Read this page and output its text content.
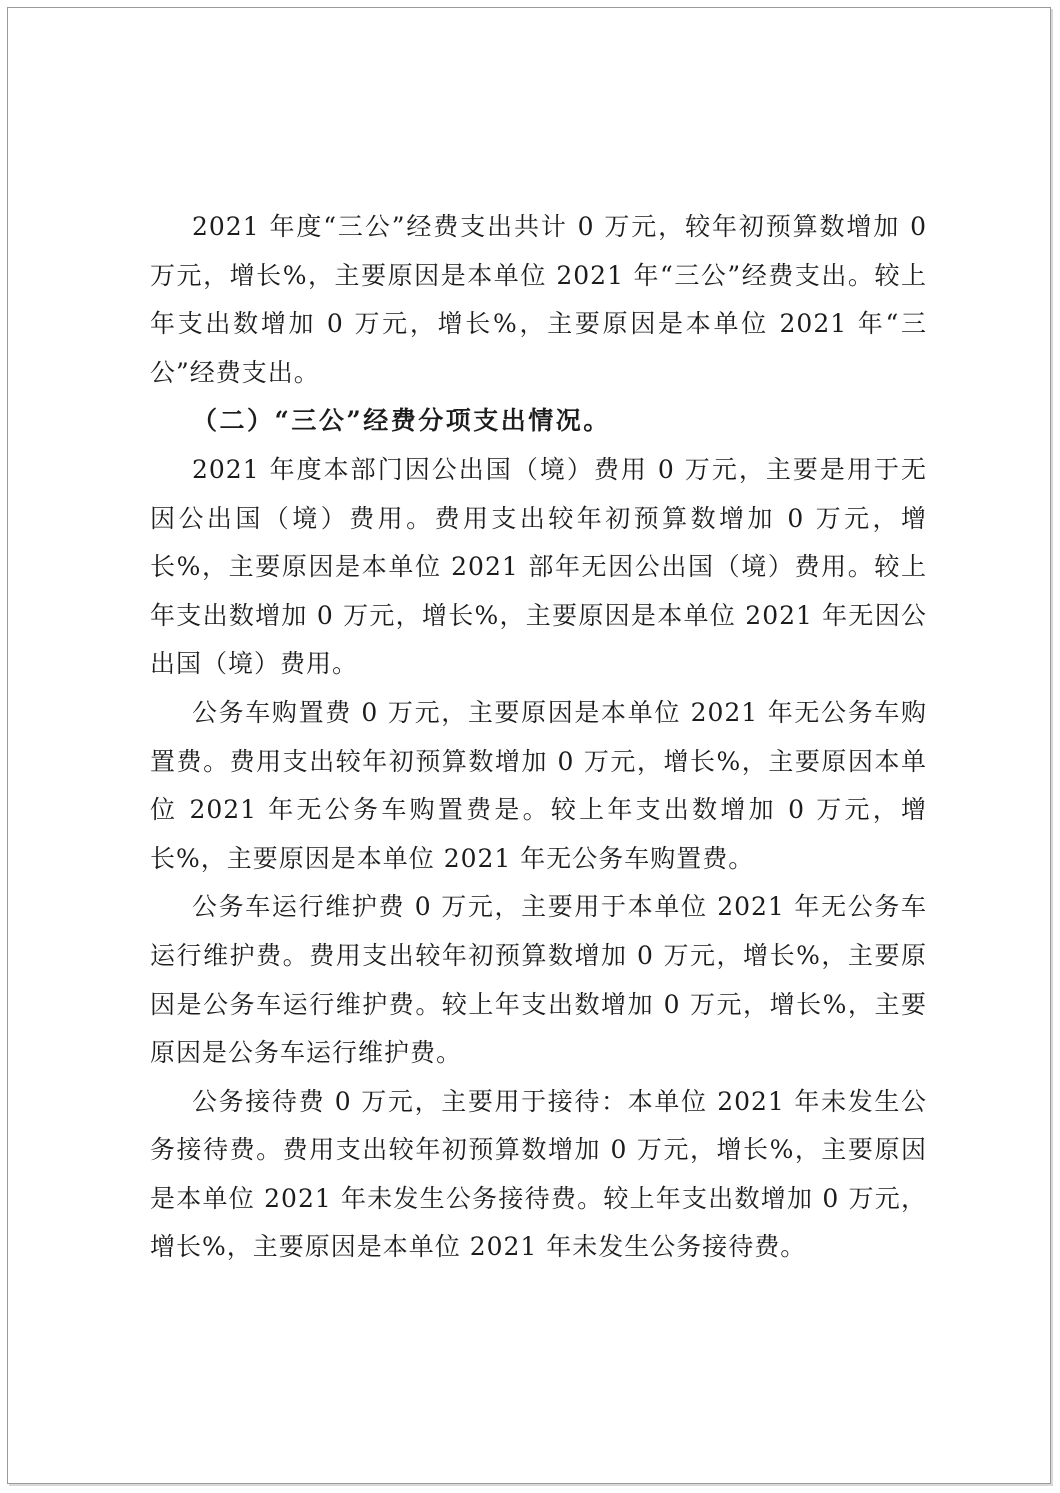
2021 年度“三公”经费支出共计 0 万元，较年初预算数增加 0 万元，增长%，主要原因是本单位 2021 年“三公”经费支出。较上年支出数增加 0 万元，增长%，主要原因是本单位 2021 年“三公”经费支出。

（二）“三公”经费分项支出情况。

2021 年度本部门因公出国（境）费用 0 万元，主要是用于无因公出国（境）费用。费用支出较年初预算数增加 0 万元，增长%，主要原因是本单位 2021 部年无因公出国（境）费用。较上年支出数增加 0 万元，增长%，主要原因是本单位 2021 年无因公出国（境）费用。

公务车购置费 0 万元，主要原因是本单位 2021 年无公务车购置费。费用支出较年初预算数增加 0 万元，增长%，主要原因本单位 2021 年无公务车购置费是。较上年支出数增加 0 万元，增长%，主要原因是本单位 2021 年无公务车购置费。

公务车运行维护费 0 万元，主要用于本单位 2021 年无公务车运行维护费。费用支出较年初预算数增加 0 万元，增长%，主要原因是公务车运行维护费。较上年支出数增加 0 万元，增长%，主要原因是公务车运行维护费。

公务接待费 0 万元，主要用于接待：本单位 2021 年未发生公务接待费。费用支出较年初预算数增加 0 万元，增长%，主要原因是本单位 2021 年未发生公务接待费。较上年支出数增加 0 万元，增长%，主要原因是本单位 2021 年未发生公务接待费。
